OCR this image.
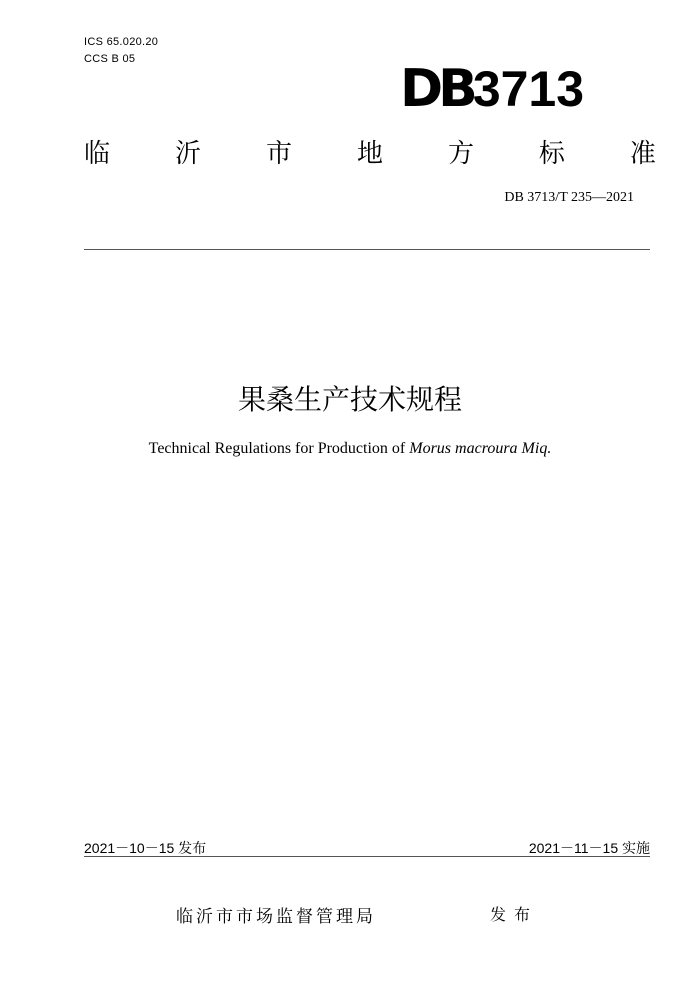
ICS 65.020.20
CCS B 05	DB3713
临 沂 市 地 方 标 准
DB 3713/T 235—2021
果桑生产技术规程
Technical Regulations for Production of Morus macroura Miq.
2021－10－15 发布	2021－11－15 实施
临沂市市场监督管理局	发布
